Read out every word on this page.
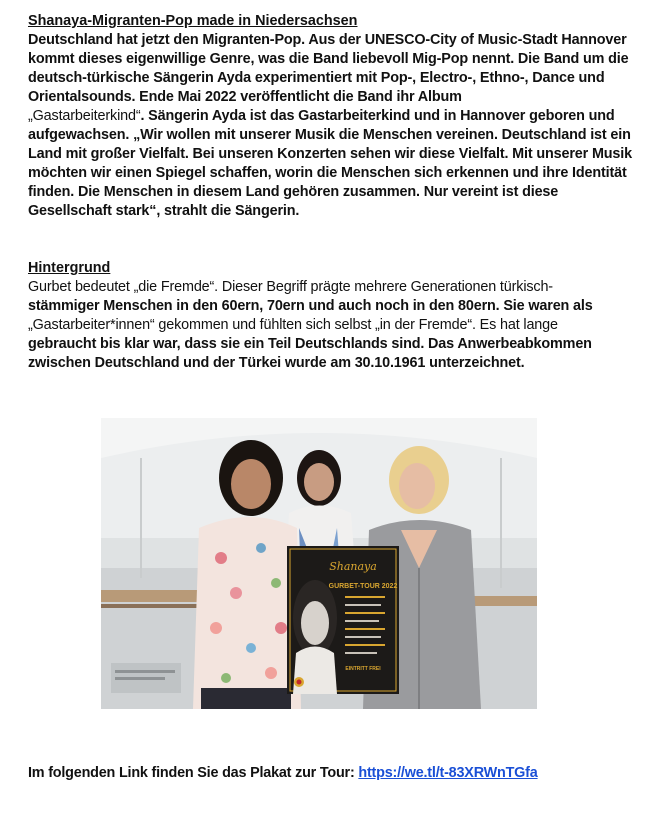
Shanaya-Migranten-Pop made in Niedersachsen

Deutschland hat jetzt den Migranten-Pop. Aus der UNESCO-City of Music-Stadt Hannover kommt dieses eigenwillige Genre, was die Band liebevoll Mig-Pop nennt. Die Band um die deutsch-türkische Sängerin Ayda experimentiert mit Pop-, Electro-, Ethno-, Dance und Orientalsounds. Ende Mai 2022 veröffentlicht die Band ihr Album
„Gastarbeiterkind“. Sängerin Ayda ist das Gastarbeiterkind und in Hannover geboren und aufgewachsen. „Wir wollen mit unserer Musik die Menschen vereinen. Deutschland ist ein Land mit großer Vielfalt. Bei unseren Konzerten sehen wir diese Vielfalt. Mit unserer Musik möchten wir einen Spiegel schaffen, worin die Menschen sich erkennen und ihre Identität finden. Die Menschen in diesem Land gehören zusammen. Nur vereint ist diese Gesellschaft stark“, strahlt die Sängerin.

Hintergrund

Gurbet bedeutet „die Fremde“. Dieser Begriff prägte mehrere Generationen türkisch-
stämmiger Menschen in den 60ern, 70ern und auch noch in den 80ern. Sie waren als
„Gastarbeiter*innen“ gekommen und fühlten sich selbst „in der Fremde“. Es hat lange
gebraucht bis klar war, dass sie ein Teil Deutschlands sind. Das Anwerbeabkommen zwischen Deutschland und der Türkei wurde am 30.10.1961 unterzeichnet.

Shanaya
GURBET-TOUR 2022
EINTRITT FREI
Im folgenden Link finden Sie das Plakat zur Tour: https://we.tl/t-83XRWnTGfa
